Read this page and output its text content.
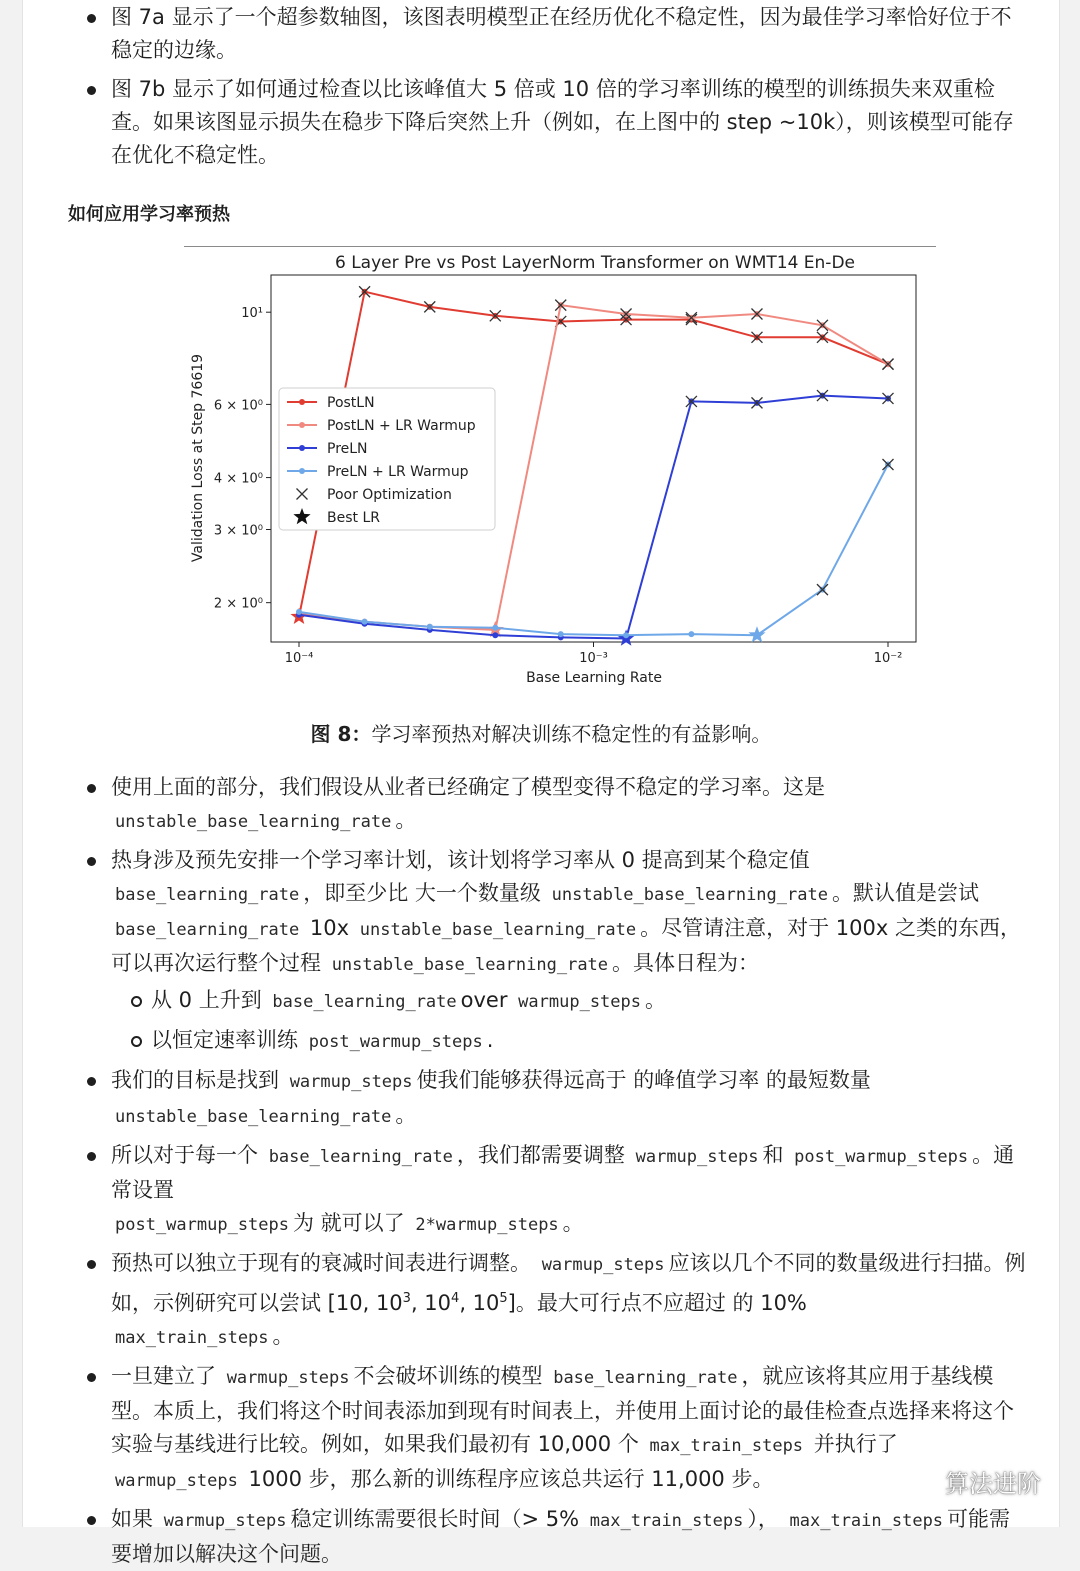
图 7a 显示了一个超参数轴图，该图表明模型正在经历优化不稳定性，因为最佳学习率恰好位于不稳定的边缘。
图 7b 显示了如何通过检查以比该峰值大 5 倍或 10 倍的学习率训练的模型的训练损失来双重检查。如果该图显示损失在稳步下降后突然上升（例如，在上图中的 step ~10k），则该模型可能存在优化不稳定性。
如何应用学习率预热
6 Layer Pre vs Post LayerNorm Transformer on WMT14 En-De
2 × 10⁰
3 × 10⁰
4 × 10⁰
6 × 10⁰
10¹
10⁻⁴	10⁻³	10⁻²
Base Learning Rate
Validation Loss at Step 76619	PostLN
PostLN + LR Warmup
PreLN
PreLN + LR Warmup
Poor Optimization
Best LR
图 8：学习率预热对解决训练不稳定性的有益影响。
使用上面的部分，我们假设从业者已经确定了模型变得不稳定的学习率。这是
unstable_base_learning_rate 。
热身涉及预先安排一个学习率计划，该计划将学习率从 0 提高到某个稳定值
base_learning_rate ，即至少比 大一个数量级 unstable_base_learning_rate 。默认值是尝试
base_learning_rate 10x unstable_base_learning_rate 。尽管请注意，对于 100x 之类的东西，可以再次运行整个过程 unstable_base_learning_rate 。具体日程为：
从 0 上升到 base_learning_rate over warmup_steps 。
以恒定速率训练 post_warmup_steps .
我们的目标是找到 warmup_steps 使我们能够获得远高于 的峰值学习率 的最短数量
unstable_base_learning_rate 。
所以对于每一个 base_learning_rate ，我们都需要调整 warmup_steps 和 post_warmup_steps 。通常设置
post_warmup_steps 为 就可以了 2*warmup_steps 。
预热可以独立于现有的衰减时间表进行调整。 warmup_steps 应该以几个不同的数量级进行扫描。例如，示例研究可以尝试 [10, $10^3$, $10^4$, $10^5$]。最大可行点不应超过 的 10%
max_train_steps 。
一旦建立了 warmup_steps 不会破坏训练的模型 base_learning_rate ，就应该将其应用于基线模型。本质上，我们将这个时间表添加到现有时间表上，并使用上面讨论的最佳检查点选择来将这个实验与基线进行比较。例如，如果我们最初有 10,000 个 max_train_steps 并执行了
warmup_steps 1000 步，那么新的训练程序应该总共运行 11,000 步。
如果 warmup_steps 稳定训练需要很长时间（> 5% max_train_steps ）， max_train_steps 可能需要增加以解决这个问题。
算法进阶
